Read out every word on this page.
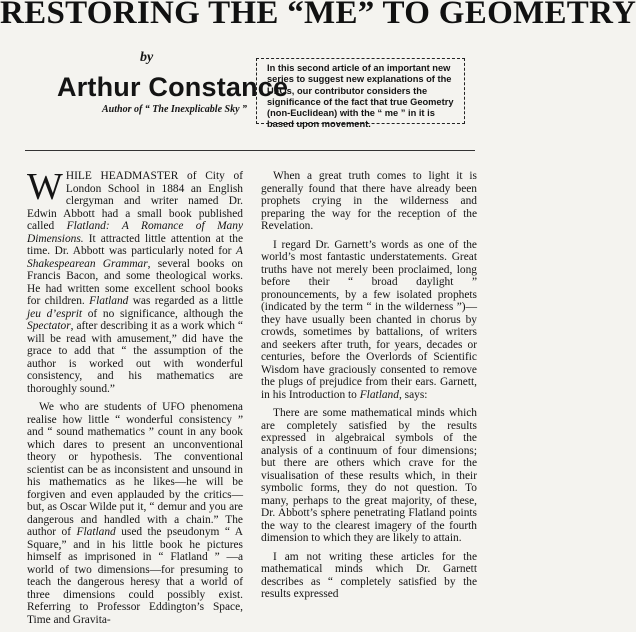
RESTORING THE “ME” TO GEOMETRY
by
Arthur Constance
Author of “ The Inexplicable Sky ”
In this second article of an important new series to suggest new explanations of the UFOs, our contributor considers the significance of the fact that true Geometry (non-Euclidean) with the “ me ” in it is based upon movement.

WHILE HEADMASTER of City of London School in 1884 an English clergyman and writer named Dr. Edwin Abbott had a small book published called Flatland: A Romance of Many Dimensions. It attracted little attention at the time. Dr. Abbott was particularly noted for A Shakespearean Grammar, several books on Francis Bacon, and some theological works. He had written some excellent school books for children. Flatland was regarded as a little jeu d’esprit of no significance, although the Spectator, after describing it as a work which “ will be read with amusement,” did have the grace to add that “ the assumption of the author is worked out with wonderful consistency, and his mathematics are thoroughly sound.”

We who are students of UFO phenomena realise how little “ wonderful consistency ” and “ sound mathematics ” count in any book which dares to present an unconventional theory or hypothesis. The conventional scientist can be as inconsistent and unsound in his mathematics as he likes—he will be forgiven and even applauded by the critics—but, as Oscar Wilde put it, “ demur and you are dangerous and handled with a chain.” The author of Flatland used the pseudonym “ A Square,” and in his little book he pictures himself as imprisoned in “ Flatland ” —a world of two dimensions—for presuming to teach the dangerous heresy that a world of three dimensions could possibly exist. Referring to Professor Eddington’s Space, Time and Gravita-

When a great truth comes to light it is generally found that there have already been prophets crying in the wilderness and preparing the way for the reception of the Revelation.

I regard Dr. Garnett’s words as one of the world’s most fantastic understatements. Great truths have not merely been proclaimed, long before their “ broad daylight ” pronouncements, by a few isolated prophets (indicated by the term “ in the wilderness ”)—they have usually been chanted in chorus by crowds, sometimes by battalions, of writers and seekers after truth, for years, decades or centuries, before the Overlords of Scientific Wisdom have graciously consented to remove the plugs of prejudice from their ears. Garnett, in his Introduction to Flatland, says:

There are some mathematical minds which are completely satisfied by the results expressed in algebraical symbols of the analysis of a continuum of four dimensions; but there are others which crave for the visualisation of these results which, in their symbolic forms, they do not question. To many, perhaps to the great majority, of these, Dr. Abbott’s sphere penetrating Flatland points the way to the clearest imagery of the fourth dimension to which they are likely to attain.

I am not writing these articles for the mathematical minds which Dr. Garnett describes as “ completely satisfied by the results expressed
